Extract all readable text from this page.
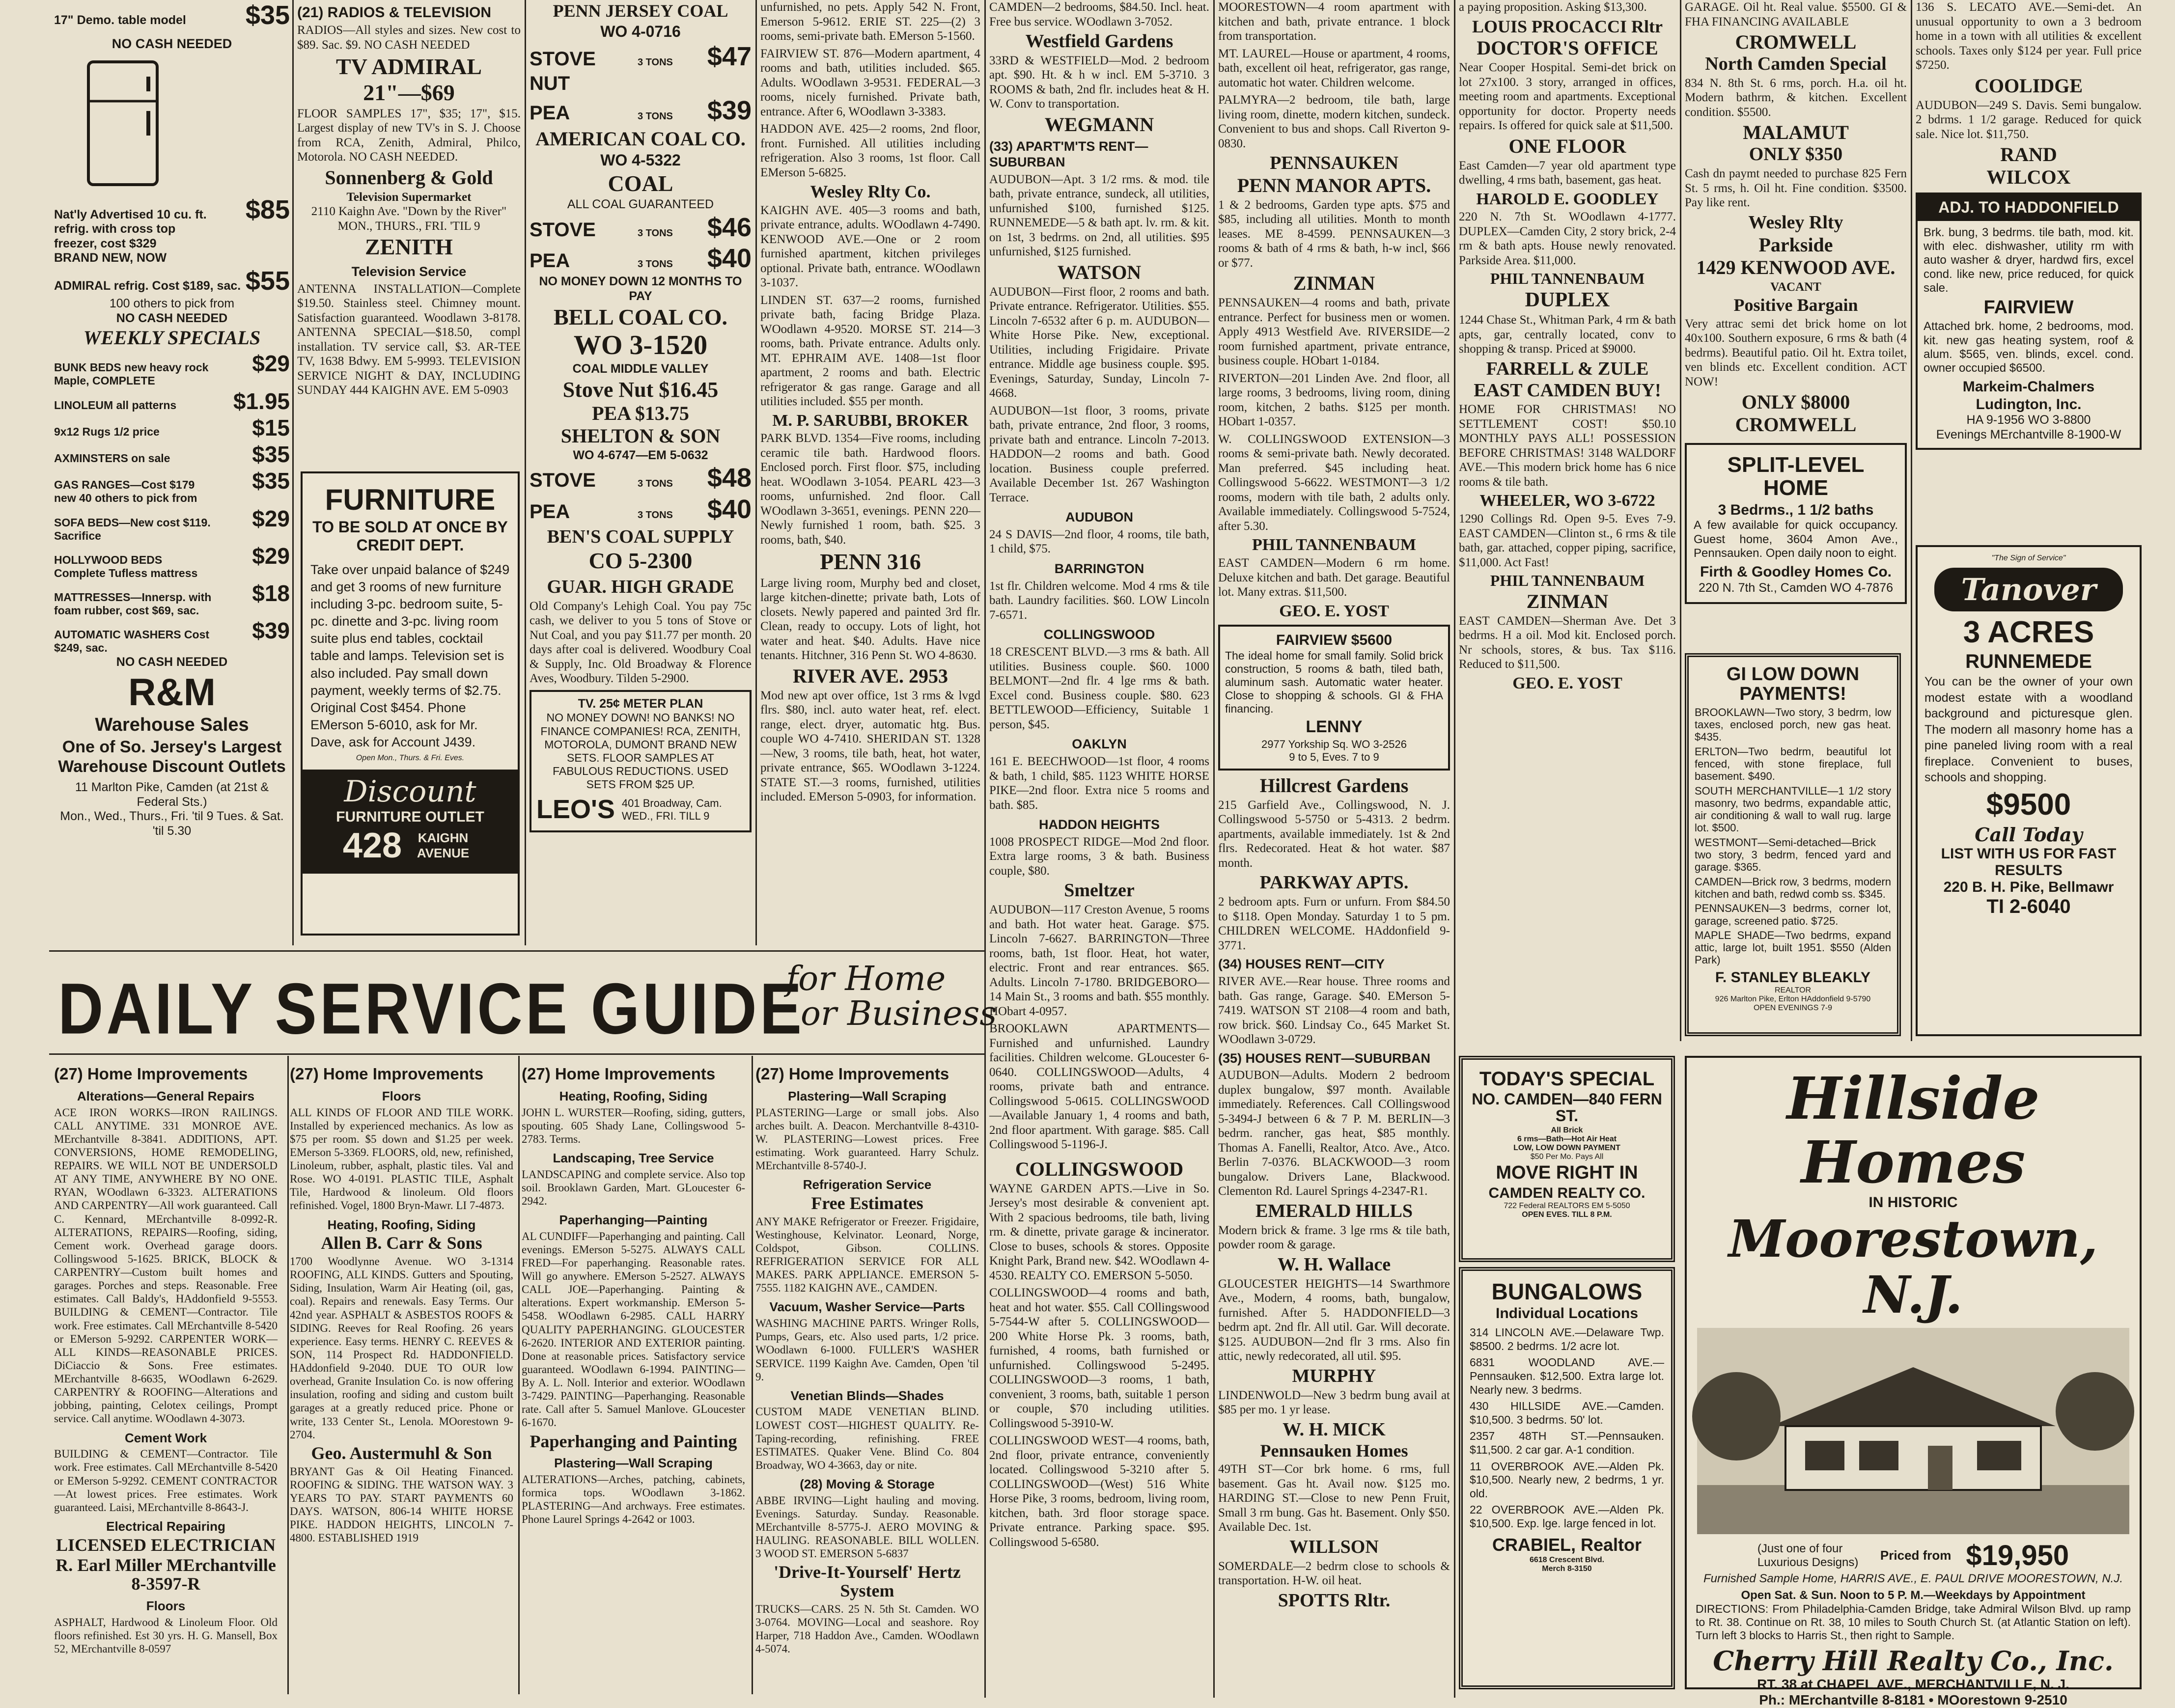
17" Demo. table model $35
NO CASH NEEDED
Nat'ly Advertised 10 cu. ft. refrig. with cross top freezer, cost $329
$85
BRAND NEW, NOW
ADMIRAL refrig. Cost $189, sac. $55
100 others to pick from
NO CASH NEEDED
WEEKLY SPECIALS
BUNK BEDS new heavy rock Maple, COMPLETE
$29
LINOLEUM all patterns	$1.95
9x12 Rugs 1/2 price	$15
AXMINSTERS on sale	$35
GAS RANGES—Cost $179 new 40 others to pick from
$35
SOFA BEDS—New cost $119. Sacrifice
$29
HOLLYWOOD BEDS Complete Tufless mattress
$29
MATTRESSES—Innersp. with foam rubber, cost $69, sac.
$18
AUTOMATIC WASHERS Cost $249, sac.
$39
NO CASH NEEDED
R&M
Warehouse Sales
One of So. Jersey's Largest Warehouse Discount Outlets
11 Marlton Pike, Camden (at 21st & Federal Sts.)
Mon., Wed., Thurs., Fri. 'til 9 Tues. & Sat. 'til 5.30
(21) RADIOS & TELEVISION

RADIOS—All styles and sizes. New cost to $89. Sac. $9. NO CASH NEEDED

TV ADMIRAL
21"—$69

FLOOR SAMPLES 17", $35; 17", $15. Largest display of new TV's in S. J. Choose from RCA, Zenith, Admiral, Philco, Motorola. NO CASH NEEDED.

Sonnenberg & Gold
Television Supermarket
2110 Kaighn Ave. "Down by the River" MON., THURS., FRI. 'TIL 9
ZENITH
Television Service

ANTENNA INSTALLATION—Complete $19.50. Stainless steel. Chimney mount. Satisfaction guaranteed. Woodlawn 3-8178. ANTENNA SPECIAL—$18.50, compl installation. TV service call, $3. AR-TEE TV, 1638 Bdwy. EM 5-9993. TELEVISION SERVICE NIGHT & DAY, INCLUDING SUNDAY 444 KAIGHN AVE. EM 5-0903

FURNITURE
TO BE SOLD AT ONCE BY CREDIT DEPT.

Take over unpaid balance of $249 and get 3 rooms of new furniture including 3-pc. bedroom suite, 5-pc. dinette and 3-pc. living room suite plus end tables, cocktail table and lamps. Television set is also included. Pay small down payment, weekly terms of $2.75. Original Cost $454. Phone EMerson 5-6010, ask for Mr. Dave, ask for Account J439.

Open Mon., Thurs. & Fri. Eves.
Discount
FURNITURE OUTLET
428	KAIGHN AVENUE
PENN JERSEY COAL
WO 4-0716
STOVE	3 TONS $47
NUT
PEA	3 TONS $39
AMERICAN COAL CO.
WO 4-5322
COAL
ALL COAL GUARANTEED
STOVE	3 TONS $46
PEA	3 TONS $40
NO MONEY DOWN 12 MONTHS TO PAY
BELL COAL CO.
WO 3-1520
COAL MIDDLE VALLEY
Stove Nut $16.45
PEA $13.75
SHELTON & SON
WO 4-6747—EM 5-0632
STOVE	3 TONS $48
PEA	3 TONS $40
BEN'S COAL SUPPLY
CO 5-2300
GUAR. HIGH GRADE

Old Company's Lehigh Coal. You pay 75c cash, we deliver to you 5 tons of Stove or Nut Coal, and you pay $11.77 per month. 20 days after coal is delivered. Woodbury Coal & Supply, Inc. Old Broadway & Florence Aves, Woodbury. Tilden 5-2900.

TV. 25¢ METER PLAN

NO MONEY DOWN! NO BANKS! NO FINANCE COMPANIES! RCA, ZENITH, MOTOROLA, DUMONT BRAND NEW SETS. FLOOR SAMPLES AT FABULOUS REDUCTIONS. USED SETS FROM $25 UP.

LEO'S 401 Broadway, Cam. WED., FRI. TILL 9

unfurnished, no pets. Apply 542 N. Front, Emerson 5-9612. ERIE ST. 225—(2) 3 rooms, semi-private bath. EMerson 5-1560.

FAIRVIEW ST. 876—Modern apartment, 4 rooms and bath, utilities included. $65. Adults. WOodlawn 3-9531. FEDERAL—3 rooms, nicely furnished. Private bath, entrance. After 6, WOodlawn 3-3383.

HADDON AVE. 425—2 rooms, 2nd floor, front. Furnished. All utilities including refrigeration. Also 3 rooms, 1st floor. Call EMerson 5-6825.

Wesley Rlty Co.

KAIGHN AVE. 405—3 rooms and bath, private entrance, adults. WOodlawn 4-7490. KENWOOD AVE.—One or 2 room furnished apartment, kitchen privileges optional. Private bath, entrance. WOodlawn 3-1037.

LINDEN ST. 637—2 rooms, furnished private bath, facing Bridge Plaza. WOodlawn 4-9520. MORSE ST. 214—3 rooms, bath. Private entrance. Adults only. MT. EPHRAIM AVE. 1408—1st floor apartment, 2 rooms and bath. Electric refrigerator & gas range. Garage and all utilities included. $55 per month.

M. P. SARUBBI, BROKER

PARK BLVD. 1354—Five rooms, including ceramic tile bath. Hardwood floors. Enclosed porch. First floor. $75, including heat. WOodlawn 3-1054. PEARL 423—3 rooms, unfurnished. 2nd floor. Call WOodlawn 3-3651, evenings. PENN 220—Newly furnished 1 room, bath. $25. 3 rooms, bath, $40.

PENN 316

Large living room, Murphy bed and closet, large kitchen-dinette; private bath, Lots of closets. Newly papered and painted 3rd flr. Clean, ready to occupy. Lots of light, hot water and heat. $40. Adults. Have nice tenants. Hitchner, 316 Penn St. WO 4-8630.

RIVER AVE. 2953

Mod new apt over office, 1st 3 rms & lvgd flrs. $80, incl. auto water heat, ref. elect. range, elect. dryer, automatic htg. Bus. couple WO 4-7410. SHERIDAN ST. 1328—New, 3 rooms, tile bath, heat, hot water, private entrance, $65. WOodlawn 3-1224. STATE ST.—3 rooms, furnished, utilities included. EMerson 5-0903, for information.

CAMDEN—2 bedrooms, $84.50. Incl. heat. Free bus service. WOodlawn 3-7052.

Westfield Gardens

33RD & WESTFIELD—Mod. 2 bedroom apt. $90. Ht. & h w incl. EM 5-3710. 3 ROOMS & bath, 2nd flr. includes heat & H. W. Conv to transportation.

WEGMANN
(33) APART'M'TS RENT—SUBURBAN

AUDUBON—Apt. 3 1/2 rms. & mod. tile bath, private entrance, sundeck, all utilities, unfurnished $100, furnished $125. RUNNEMEDE—5 & bath apt. lv. rm. & kit. on 1st, 3 bedrms. on 2nd, all utilities. $95 unfurnished, $125 furnished.

WATSON

AUDUBON—First floor, 2 rooms and bath. Private entrance. Refrigerator. Utilities. $55. Lincoln 7-6532 after 6 p. m. AUDUBON—White Horse Pike. New, exceptional. Utilities, including Frigidaire. Private entrance. Middle age business couple. $95. Evenings, Saturday, Sunday, Lincoln 7-4668.

AUDUBON—1st floor, 3 rooms, private bath, private entrance, 2nd floor, 3 rooms, private bath and entrance. Lincoln 7-2013. HADDON—2 rooms and bath. Good location. Business couple preferred. Available December 1st. 267 Washington Terrace.

AUDUBON

24 S DAVIS—2nd floor, 4 rooms, tile bath, 1 child, $75.

BARRINGTON

1st flr. Children welcome. Mod 4 rms & tile bath. Laundry facilities. $60. LOW Lincoln 7-6571.

COLLINGSWOOD

18 CRESCENT BLVD.—3 rms & bath. All utilities. Business couple. $60. 1000 BELMONT—2nd flr. 4 lge rms & bath. Excel cond. Business couple. $80. 623 BETTLEWOOD—Efficiency, Suitable 1 person, $45.

OAKLYN

161 E. BEECHWOOD—1st floor, 4 rooms & bath, 1 child, $85. 1123 WHITE HORSE PIKE—2nd floor. Extra nice 5 rooms and bath. $85.

HADDON HEIGHTS

1008 PROSPECT RIDGE—Mod 2nd floor. Extra large rooms, 3 & bath. Business couple, $80.

Smeltzer

AUDUBON—117 Creston Avenue, 5 rooms and bath. Hot water heat. Garage. $75. Lincoln 7-6627. BARRINGTON—Three rooms, bath, 1st floor. Heat, hot water, electric. Front and rear entrances. $65. Adults. Lincoln 7-1780. BRIDGEBORO—14 Main St., 3 rooms and bath. $55 monthly. HObart 4-0957.

BROOKLAWN APARTMENTS—Furnished and unfurnished. Laundry facilities. Children welcome. GLoucester 6-0640. COLLINGSWOOD—Adults, 4 rooms, private bath and entrance. Collingswood 5-0615. COLLINGSWOOD—Available January 1, 4 rooms and bath, 2nd floor apartment. With garage. $85. Call Collingswood 5-1196-J.

COLLINGSWOOD

WAYNE GARDEN APTS.—Live in So. Jersey's most desirable & convenient apt. With 2 spacious bedrooms, tile bath, living rm. & dinette, private garage & incinerator. Close to buses, schools & stores. Opposite Knight Park, Brand new. $42. WOodlawn 4-4530. REALTY CO. EMERSON 5-5050.

COLLINGSWOOD—4 rooms and bath, heat and hot water. $55. Call COllingswood 5-7544-W after 5. COLLINGSWOOD—200 White Horse Pk. 3 rooms, bath, furnished, 4 rooms, bath furnished or unfurnished. Collingswood 5-2495. COLLINGSWOOD—3 rooms, 1 bath, convenient, 3 rooms, bath, suitable 1 person or couple, $70 including utilities. Collingswood 5-3910-W.

COLLINGSWOOD WEST—4 rooms, bath, 2nd floor, private entrance, conveniently located. Collingswood 5-3210 after 5. COLLINGSWOOD—(West) 516 White Horse Pike, 3 rooms, bedroom, living room, kitchen, bath. 3rd floor storage space. Private entrance. Parking space. $95. Collingswood 5-6580.

MOORESTOWN—4 room apartment with kitchen and bath, private entrance. 1 block from transportation.

MT. LAUREL—House or apartment, 4 rooms, bath, excellent oil heat, refrigerator, gas range, automatic hot water. Children welcome.

PALMYRA—2 bedroom, tile bath, large living room, dinette, modern kitchen, sundeck. Convenient to bus and shops. Call Riverton 9-0830.

PENNSAUKEN
PENN MANOR APTS.

1 & 2 bedrooms, Garden type apts. $75 and $85, including all utilities. Month to month leases. ME 8-4599. PENNSAUKEN—3 rooms & bath of 4 rms & bath, h-w incl, $66 or $77.

ZINMAN

PENNSAUKEN—4 rooms and bath, private entrance. Perfect for business men or women. Apply 4913 Westfield Ave. RIVERSIDE—2 room furnished apartment, private entrance, business couple. HObart 1-0184.

RIVERTON—201 Linden Ave. 2nd floor, all large rooms, 3 bedrooms, living room, dining room, kitchen, 2 baths. $125 per month. HObart 1-0357.

W. COLLINGSWOOD EXTENSION—3 rooms & semi-private bath. Newly decorated. Man preferred. $45 including heat. Collingswood 5-6622. WESTMONT—3 1/2 rooms, modern with tile bath, 2 adults only. Available immediately. Collingswood 5-7524, after 5.30.

PHIL TANNENBAUM

EAST CAMDEN—Modern 6 rm home. Deluxe kitchen and bath. Det garage. Beautiful lot. Many extras. $11,500.

GEO. E. YOST
FAIRVIEW $5600

The ideal home for small family. Solid brick construction, 5 rooms & bath, tiled bath, aluminum sash. Automatic water heater. Close to shopping & schools. GI & FHA financing.

LENNY
2977 Yorkship Sq. WO 3-2526
9 to 5, Eves. 7 to 9
Hillcrest Gardens

215 Garfield Ave., Collingswood, N. J. Collingswood 5-5750 or 5-4313. 2 bedrm. apartments, available immediately. 1st & 2nd flrs. Redecorated. Heat & hot water. $87 month.

PARKWAY APTS.

2 bedroom apts. Furn or unfurn. From $84.50 to $118. Open Monday. Saturday 1 to 5 pm. CHILDREN WELCOME. HAddonfield 9-3771.

(34) HOUSES RENT—CITY

RIVER AVE.—Rear house. Three rooms and bath. Gas range, Garage. $40. EMerson 5-7419. WATSON ST 2108—4 room and bath, row brick. $60. Lindsay Co., 645 Market St. WOodlawn 3-0729.

(35) HOUSES RENT—SUBURBAN

AUDUBON—Adults. Modern 2 bedroom duplex bungalow, $97 month. Available immediately. References. Call COllingswood 5-3494-J between 6 & 7 P. M. BERLIN—3 bedrm. rancher, gas heat, $85 monthly. Thomas A. Fanelli, Realtor, Atco. Ave., Atco. Berlin 7-0376. BLACKWOOD—3 room bungalow. Drivers Lane, Blackwood. Clementon Rd. Laurel Springs 4-2347-R1.

EMERALD HILLS

Modern brick & frame. 3 lge rms & tile bath, powder room & garage.

W. H. Wallace

GLOUCESTER HEIGHTS—14 Swarthmore Ave., Modern, 4 rooms, bath, bungalow, furnished. After 5. HADDONFIELD—3 bedrm apt. 2nd flr. All util. Gar. Will decorate. $125. AUDUBON—2nd flr 3 rms. Also fin attic, newly redecorated, all util. $95.

MURPHY

LINDENWOLD—New 3 bedrm bung avail at $85 per mo. 1 yr lease.

W. H. MICK
Pennsauken Homes

49TH ST—Cor brk home. 6 rms, full basement. Gas ht. Avail now. $125 mo. HARDING ST.—Close to new Penn Fruit, Small 3 rm bung. Gas ht. Basement. Only $50. Available Dec. 1st.

WILLSON

SOMERDALE—2 bedrm close to schools & transportation. H-W. oil heat.

SPOTTS Rltr.

a paying proposition. Asking $13,300.

LOUIS PROCACCI Rltr
DOCTOR'S OFFICE

Near Cooper Hospital. Semi-det brick on lot 27x100. 3 story, arranged in offices, meeting room and apartments. Exceptional opportunity for doctor. Property needs repairs. Is offered for quick sale at $11,500.

ONE FLOOR

East Camden—7 year old apartment type dwelling, 4 rms bath, basement, gas heat.

HAROLD E. GOODLEY

220 N. 7th St. WOodlawn 4-1777. DUPLEX—Camden City, 2 story brick, 2-4 rm & bath apts. House newly renovated. Parkside Area. $11,000.

PHIL TANNENBAUM
DUPLEX

1244 Chase St., Whitman Park, 4 rm & bath apts, gar, centrally located, conv to shopping & transp. Priced at $9000.

FARRELL & ZULE
EAST CAMDEN BUY!

HOME FOR CHRISTMAS! NO SETTLEMENT COST! $50.10 MONTHLY PAYS ALL! POSSESSION BEFORE CHRISTMAS! 3148 WALDORF AVE.—This modern brick home has 6 nice rooms & tile bath.

WHEELER, WO 3-6722

1290 Collings Rd. Open 9-5. Eves 7-9. EAST CAMDEN—Clinton st., 6 rms & tile bath, gar. attached, copper piping, sacrifice, $11,000. Act Fast!

PHIL TANNENBAUM
ZINMAN

EAST CAMDEN—Sherman Ave. Det 3 bedrms. H a oil. Mod kit. Enclosed porch. Nr schools, stores, & bus. Tax $116. Reduced to $11,500.

GEO. E. YOST

GARAGE. Oil ht. Real value. $5500. GI & FHA FINANCING AVAILABLE

CROMWELL
North Camden Special

834 N. 8th St. 6 rms, porch. H.a. oil ht. Modern bathrm, & kitchen. Excellent condition. $5500.

MALAMUT
ONLY $350

Cash dn paymt needed to purchase 825 Fern St. 5 rms, h. Oil ht. Fine condition. $3500. Pay like rent.

Wesley Rlty
Parkside
1429 KENWOOD AVE.
VACANT
Positive Bargain

Very attrac semi det brick home on lot 40x100. Southern exposure, 6 rms & bath (4 bedrms). Beautiful patio. Oil ht. Extra toilet, ven blinds etc. Excellent condition. ACT NOW!

ONLY $8000
CROMWELL
SPLIT-LEVEL HOME
3 Bedrms., 1 1/2 baths

A few available for quick occupancy. Guest home, 3604 Amon Ave., Pennsauken. Open daily noon to eight.

Firth & Goodley Homes Co.
220 N. 7th St., Camden WO 4-7876

136 S. LECATO AVE.—Semi-det. An unusual opportunity to own a 3 bedroom home in a town with all utilities & excellent schools. Taxes only $124 per year. Full price $7250.

COOLIDGE

AUDUBON—249 S. Davis. Semi bungalow. 2 bdrms. 1 1/2 garage. Reduced for quick sale. Nice lot. $11,750.

RAND
WILCOX
ADJ. TO HADDONFIELD

Brk. bung, 3 bedrms. tile bath, mod. kit. with elec. dishwasher, utility rm with auto washer & dryer, hardwd firs, excel cond. like new, price reduced, for quick sale.

FAIRVIEW

Attached brk. home, 2 bedrooms, mod. kit. new gas heating system, roof & alum. $565, ven. blinds, excel. cond. owner occupied $6500.

Markeim-Chalmers Ludington, Inc.
HA 9-1956 WO 3-8800
Evenings MErchantville 8-1900-W
GI LOW DOWN PAYMENTS!

BROOKLAWN—Two story, 3 bedrm, low taxes, enclosed porch, new gas heat. $435.

ERLTON—Two bedrm, beautiful lot fenced, with stone fireplace, full basement. $490.

SOUTH MERCHANTVILLE—1 1/2 story masonry, two bedrms, expandable attic, air conditioning & wall to wall rug. large lot. $500.

WESTMONT—Semi-detached—Brick two story, 3 bedrm, fenced yard and garage. $365.

CAMDEN—Brick row, 3 bedrms, modern kitchen and bath, redwd comb ss. $345.

PENNSAUKEN—3 bedrms, corner lot, garage, screened patio. $725.

MAPLE SHADE—Two bedrms, expand attic, large lot, built 1951. $550 (Alden Park)

F. STANLEY BLEAKLY
REALTOR
926 Marlton Pike, Erlton HAddonfield 9-5790
OPEN EVENINGS 7-9
"The Sign of Service"
Tanover
3 ACRES
RUNNEMEDE

You can be the owner of your own modest estate with a woodland background and picturesque glen. The modern all masonry home has a pine paneled living room with a real fireplace. Convenient to buses, schools and shopping.

$9500
Call Today
LIST WITH US FOR FAST RESULTS
220 B. H. Pike, Bellmawr
TI 2-6040
TODAY'S SPECIAL
NO. CAMDEN—840 FERN ST.
All Brick
6 rms—Bath—Hot Air Heat
LOW, LOW DOWN PAYMENT
$50 Per Mo. Pays All
MOVE RIGHT IN
CAMDEN REALTY CO.
722 Federal REALTORS EM 5-5050
OPEN EVES. TILL 8 P.M.
BUNGALOWS
Individual Locations

314 LINCOLN AVE.—Delaware Twp. $8500. 2 bedrms. 1/2 acre lot.

6831 WOODLAND AVE.—Pennsauken. $12,500. Extra large lot. Nearly new. 3 bedrms.

430 HILLSIDE AVE.—Camden. $10,500. 3 bedrms. 50' lot.

2357 48TH ST.—Pennsauken. $11,500. 2 car gar. A-1 condition.

11 OVERBROOK AVE.—Alden Pk. $10,500. Nearly new, 2 bedrms, 1 yr. old.

22 OVERBROOK AVE.—Alden Pk. $10,500. Exp. lge. large fenced in lot.

CRABIEL, Realtor
6618 Crescent Blvd.
Merch 8-3150
Hillside Homes
IN HISTORIC
Moorestown, N.J.
(Just one of four Luxurious Designs)	Priced from $19,950
Furnished Sample Home, HARRIS AVE., E. PAUL DRIVE MOORESTOWN, N.J.
Open Sat. & Sun. Noon to 5 P. M.—Weekdays by Appointment

DIRECTIONS: From Philadelphia-Camden Bridge, take Admiral Wilson Blvd. up ramp to Rt. 38. Continue on Rt. 38, 10 miles to South Church St. (at Atlantic Station on left). Turn left 3 blocks to Harris St., then right to Sample.

Cherry Hill Realty Co., Inc.
RT. 38 at CHAPEL AVE., MERCHANTVILLE, N. J.
Ph.: MErchantville 8-8181 • MOorestown 9-2510
DAILY SERVICE GUIDE
for Home
or Business
(27) Home Improvements
Alterations—General Repairs

ACE IRON WORKS—IRON RAILINGS. CALL ANYTIME. 331 MONROE AVE. MErchantville 8-3841. ADDITIONS, APT. CONVERSIONS, HOME REMODELING, REPAIRS. WE WILL NOT BE UNDERSOLD AT ANY TIME, ANYWHERE BY NO ONE. RYAN, WOodlawn 6-3323. ALTERATIONS AND CARPENTRY—All work guaranteed. Call C. Kennard, MErchantville 8-0992-R. ALTERATIONS, REPAIRS—Roofing, siding, Cement work. Overhead garage doors. Collingswood 5-1625. BRICK, BLOCK & CARPENTRY—Custom built homes and garages. Porches and steps. Reasonable. Free estimates. Call Baldy's, HAddonfield 9-5553. BUILDING & CEMENT—Contractor. Tile work. Free estimates. Call MErchantville 8-5420 or EMerson 5-9292. CARPENTER WORK—ALL KINDS—REASONABLE PRICES. DiCiaccio & Sons. Free estimates. MErchantville 8-6635, WOodlawn 6-2629. CARPENTRY & ROOFING—Alterations and jobbing, painting, Celotex ceilings, Prompt service. Call anytime. WOodlawn 4-3073.

Cement Work

BUILDING & CEMENT—Contractor. Tile work. Free estimates. Call MErchantville 8-5420 or EMerson 5-9292. CEMENT CONTRACTOR—At lowest prices. Free estimates. Work guaranteed. Laisi, MErchantville 8-8643-J.

Electrical Repairing
LICENSED ELECTRICIAN
R. Earl Miller MErchantville 8-3597-R
Floors

ASPHALT, Hardwood & Linoleum Floor. Old floors refinished. Est 30 yrs. H. G. Mansell, Box 52, MErchantville 8-0597

(27) Home Improvements
Floors

ALL KINDS OF FLOOR AND TILE WORK. Installed by experienced mechanics. As low as $75 per room. $5 down and $1.25 per week. EMerson 5-3369. FLOORS, old, new, refinished, Linoleum, rubber, asphalt, plastic tiles. Val and Rose. WO 4-0191. PLASTIC TILE, Asphalt Tile, Hardwood & linoleum. Old floors refinished. Vogel, 1800 Bryn-Mawr. LI 7-4873.

Heating, Roofing, Siding
Allen B. Carr & Sons

1700 Woodlynne Avenue. WO 3-1314 ROOFING, ALL KINDS. Gutters and Spouting, Siding, Insulation, Warm Air Heating (oil, gas, coal). Repairs and renewals. Easy Terms. Our 42nd year. ASPHALT & ASBESTOS ROOFS & SIDING. Reeves for Real Roofing. 26 years experience. Easy terms. HENRY C. REEVES & SON, 114 Prospect Rd. HADDONFIELD. HAddonfield 9-2040. DUE TO OUR low overhead, Granite Insulation Co. is now offering insulation, roofing and siding and custom built garages at a greatly reduced price. Phone or write, 133 Center St., Lenola. MOorestown 9-2704.

Geo. Austermuhl & Son

BRYANT Gas & Oil Heating Financed. ROOFING & SIDING. THE WATSON WAY. 3 YEARS TO PAY. START PAYMENTS 60 DAYS. WATSON, 806-14 WHITE HORSE PIKE. HADDON HEIGHTS, LINCOLN 7-4800. ESTABLISHED 1919

(27) Home Improvements
Heating, Roofing, Siding

JOHN L. WURSTER—Roofing, siding, gutters, spouting. 605 Shady Lane, Collingswood 5-2783. Terms.

Landscaping, Tree Service

LANDSCAPING and complete service. Also top soil. Brooklawn Garden, Mart. GLoucester 6-2942.

Paperhanging—Painting

AL CUNDIFF—Paperhanging and painting. Call evenings. EMerson 5-5275. ALWAYS CALL FRED—For paperhanging. Reasonable rates. Will go anywhere. EMerson 5-2527. ALWAYS CALL JOE—Paperhanging. Painting & alterations. Expert workmanship. EMerson 5-5458. WOodlawn 6-2985. CALL HARRY QUALITY PAPERHANGING. GLOUCESTER 6-2620. INTERIOR AND EXTERIOR painting. Done at reasonable prices. Satisfactory service guaranteed. WOodlawn 6-1994. PAINTING—By A. L. Noll. Interior and exterior. WOodlawn 3-7429. PAINTING—Paperhanging. Reasonable rate. Call after 5. Samuel Manlove. GLoucester 6-1670.

Paperhanging and Painting
Plastering—Wall Scraping

ALTERATIONS—Arches, patching, cabinets, formica tops. WOodlawn 3-1862. PLASTERING—And archways. Free estimates. Phone Laurel Springs 4-2642 or 1003.

(27) Home Improvements
Plastering—Wall Scraping

PLASTERING—Large or small jobs. Also arches built. A. Deacon. Merchantville 8-4310-W. PLASTERING—Lowest prices. Free estimating. Work guaranteed. Harry Schulz. MErchantville 8-5740-J.

Refrigeration Service
Free Estimates

ANY MAKE Refrigerator or Freezer. Frigidaire, Westinghouse, Kelvinator. Leonard, Norge, Coldspot, Gibson. COLLINS. REFRIGERATION SERVICE FOR ALL MAKES. PARK APPLIANCE. EMERSON 5-7555. 1182 KAIGHN AVE., CAMDEN.

Vacuum, Washer Service—Parts

WASHING MACHINE PARTS. Wringer Rolls, Pumps, Gears, etc. Also used parts, 1/2 price. WOodlawn 6-1000. FULLER'S WASHER SERVICE. 1199 Kaighn Ave. Camden, Open 'til 9.

Venetian Blinds—Shades

CUSTOM MADE VENETIAN BLIND. LOWEST COST—HIGHEST QUALITY. Re-Taping-recording, refinishing. FREE ESTIMATES. Quaker Vene. Blind Co. 804 Broadway, WO 4-3663, day or nite.

(28) Moving & Storage

ABBE IRVING—Light hauling and moving. Evenings. Saturday. Sunday. Reasonable. MErchantville 8-5775-J. AERO MOVING & HAULING. REASONABLE. BILL WOLLEN. 3 WOOD ST. EMERSON 5-6837

'Drive-It-Yourself' Hertz System

TRUCKS—CARS. 25 N. 5th St. Camden. WO 3-0764. MOVING—Local and seashore. Roy Harper, 718 Haddon Ave., Camden. WOodlawn 4-5074.
